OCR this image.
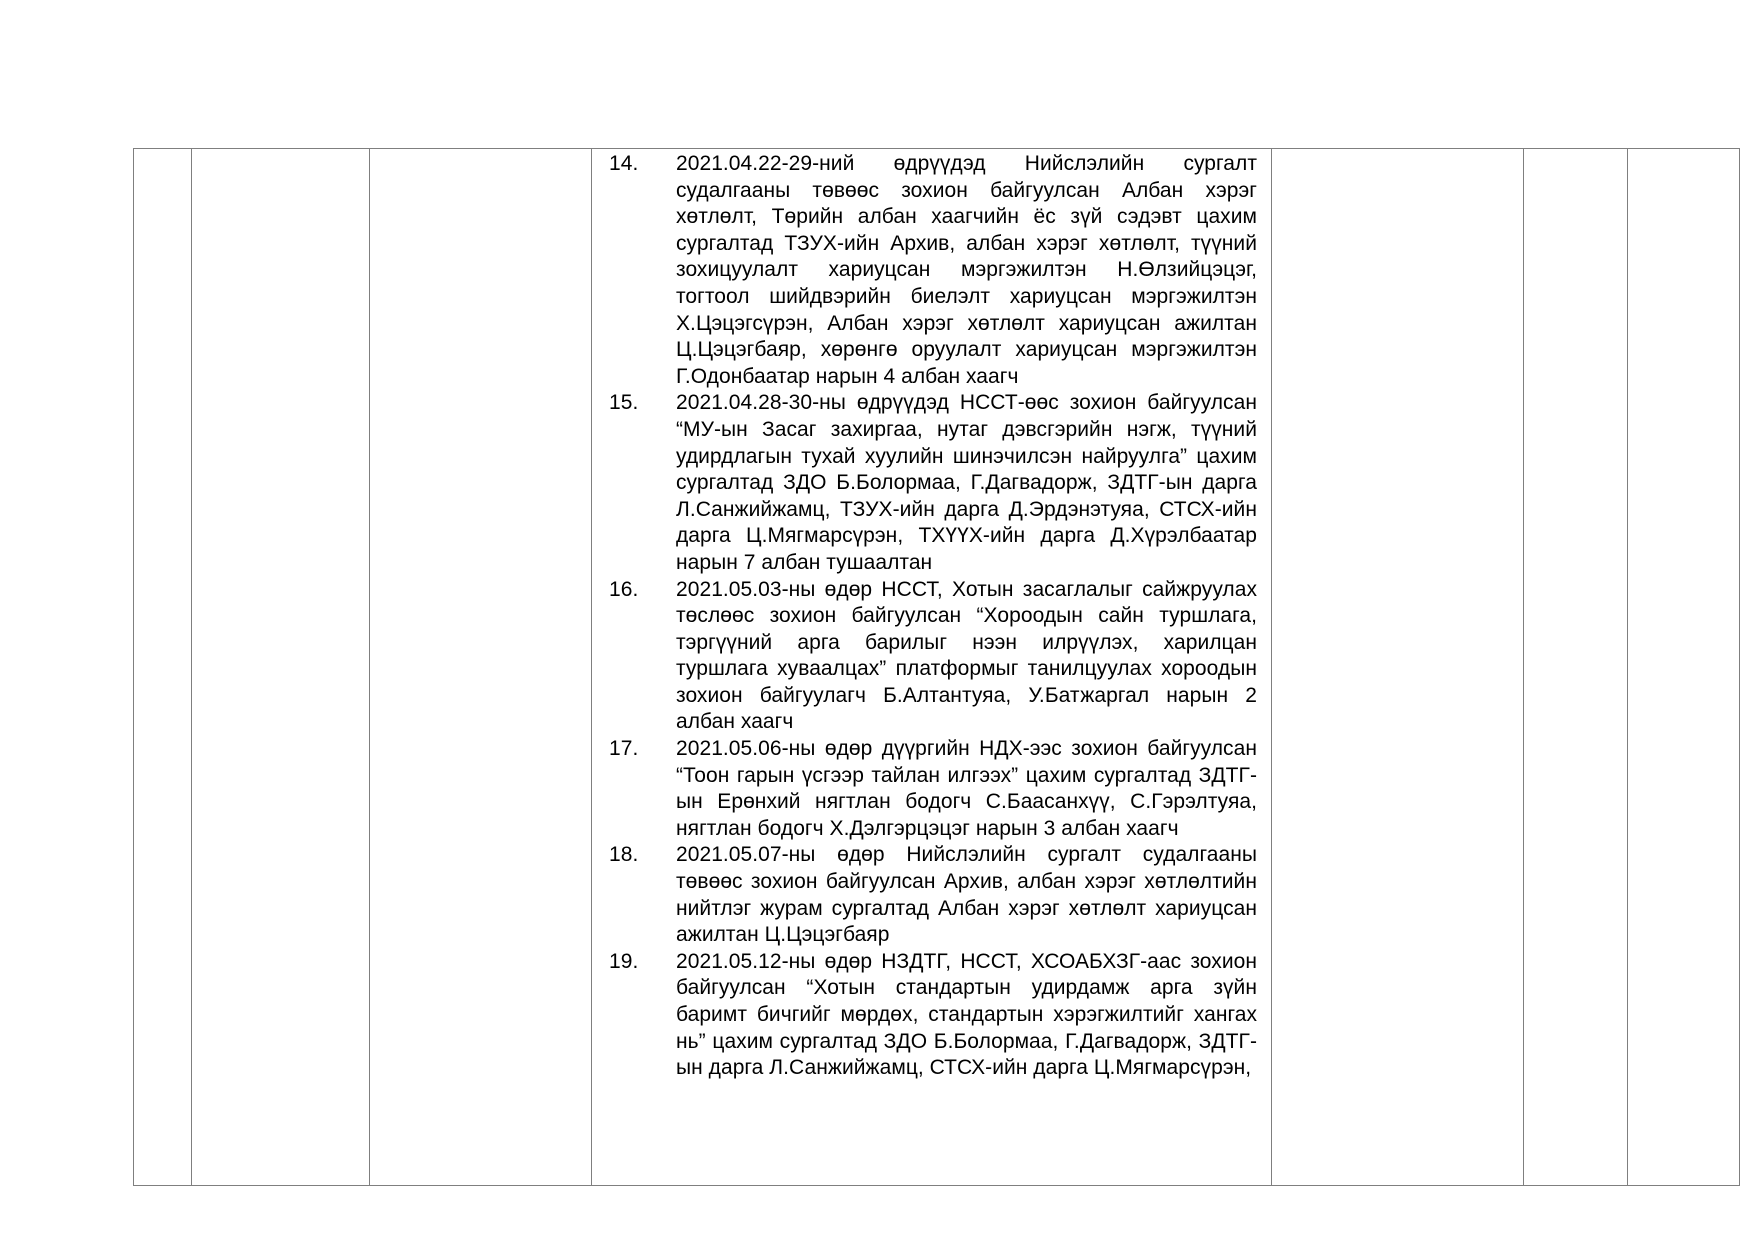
14.	2021.04.22-29-ний өдрүүдэд Нийслэлийн сургалт судалгааны төвөөс зохион байгуулсан Албан хэрэг хөтлөлт, Төрийн албан хаагчийн ёс зүй сэдэвт цахим сургалтад ТЗУХ-ийн Архив, албан хэрэг хөтлөлт, түүний зохицуулалт хариуцсан мэргэжилтэн Н.Өлзийцэцэг, тогтоол шийдвэрийн биелэлт хариуцсан мэргэжилтэн Х.Цэцэгсүрэн, Албан хэрэг хөтлөлт хариуцсан ажилтан Ц.Цэцэгбаяр, хөрөнгө оруулалт хариуцсан мэргэжилтэн Г.Одонбаатар нарын 4 албан хаагч
15.	2021.04.28-30-ны өдрүүдэд НССТ-өөс зохион байгуулсан “МУ-ын Засаг захиргаа, нутаг дэвсгэрийн нэгж, түүний удирдлагын тухай хуулийн шинэчилсэн найруулга” цахим сургалтад ЗДО Б.Болормаа, Г.Дагвадорж, ЗДТГ-ын дарга Л.Санжийжамц, ТЗУХ-ийн дарга Д.Эрдэнэтуяа, СТСХ-ийн дарга Ц.Мягмарсүрэн, ТХҮҮХ-ийн дарга Д.Хүрэлбаатар нарын 7 албан тушаалтан
16.	2021.05.03-ны өдөр НССТ, Хотын засаглалыг сайжруулах төслөөс зохион байгуулсан “Хороодын сайн туршлага, тэргүүний арга барилыг нээн илрүүлэх, харилцан туршлага хуваалцах” платформыг танилцуулах хороодын зохион байгуулагч Б.Алтантуяа, У.Батжаргал нарын 2 албан хаагч
17.	2021.05.06-ны өдөр дүүргийн НДХ-ээс зохион байгуулсан “Тоон гарын үсгээр тайлан илгээх” цахим сургалтад ЗДТГ-ын Ерөнхий нягтлан бодогч С.Баасанхүү, С.Гэрэлтуяа, нягтлан бодогч Х.Дэлгэрцэцэг нарын 3 албан хаагч
18.	2021.05.07-ны өдөр Нийслэлийн сургалт судалгааны төвөөс зохион байгуулсан Архив, албан хэрэг хөтлөлтийн нийтлэг журам сургалтад Албан хэрэг хөтлөлт хариуцсан ажилтан Ц.Цэцэгбаяр
19.	2021.05.12-ны өдөр НЗДТГ, НССТ, ХСОАБХЗГ-аас зохион байгуулсан “Хотын стандартын удирдамж арга зүйн баримт бичгийг мөрдөх, стандартын хэрэгжилтийг хангах нь” цахим сургалтад ЗДО Б.Болормаа, Г.Дагвадорж, ЗДТГ-ын дарга Л.Санжийжамц, СТСХ-ийн дарга Ц.Мягмарсүрэн,
